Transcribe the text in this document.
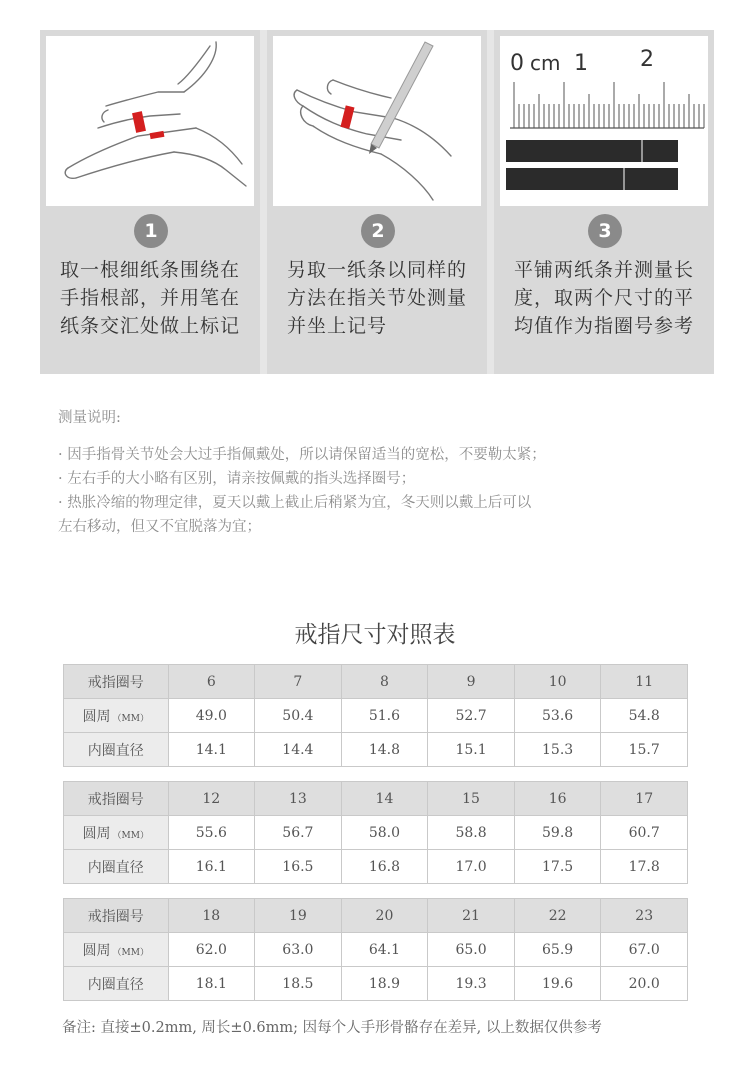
1
取一根细纸条围绕在手指根部，并用笔在纸条交汇处做上标记
2
另取一纸条以同样的方法在指关节处测量并坐上记号
0 cm 1 2
3
平铺两纸条并测量长度，取两个尺寸的平均值作为指圈号参考
测量说明:
· 因手指骨关节处会大过手指佩戴处，所以请保留适当的宽松，不要勒太紧；
· 左右手的大小略有区别，请亲按佩戴的指头选择圈号；
· 热胀冷缩的物理定律，夏天以戴上截止后稍紧为宜，冬天则以戴上后可以
左右移动，但又不宜脱落为宜；
戒指尺寸对照表
戒指圈号	6	7	8	9	10	11
圆周 （MM）	49.0	50.4	51.6	52.7	53.6	54.8
内圈直径	14.1	14.4	14.8	15.1	15.3	15.7
戒指圈号	12	13	14	15	16	17
圆周 （MM）	55.6	56.7	58.0	58.8	59.8	60.7
内圈直径	16.1	16.5	16.8	17.0	17.5	17.8
戒指圈号	18	19	20	21	22	23
圆周 （MM）	62.0	63.0	64.1	65.0	65.9	67.0
内圈直径	18.1	18.5	18.9	19.3	19.6	20.0
备注: 直接±0.2mm, 周长±0.6mm; 因每个人手形骨骼存在差异, 以上数据仅供参考
